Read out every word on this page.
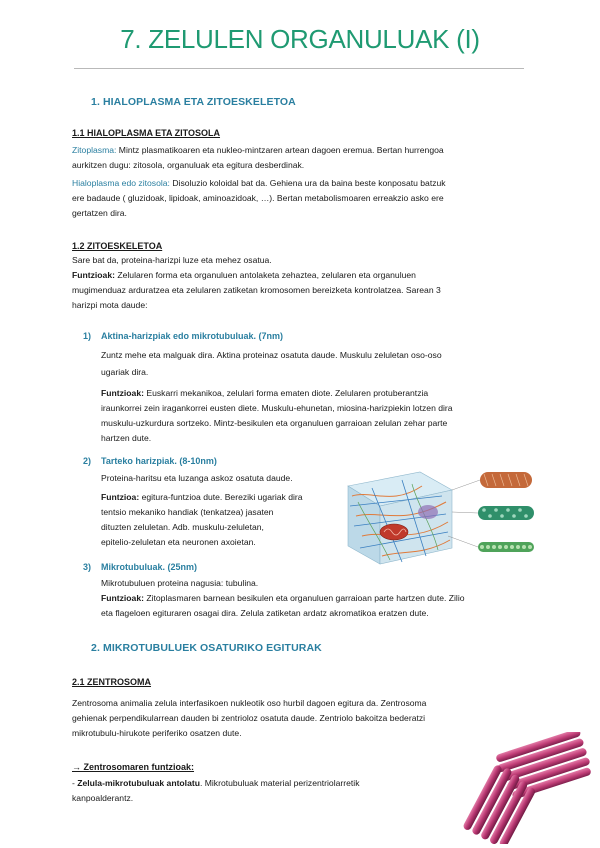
7. ZELULEN ORGANULUAK (I)
1. HIALOPLASMA ETA ZITOESKELETOA
1.1 HIALOPLASMA ETA ZITOSOLA
Zitoplasma: Mintz plasmatikoaren eta nukleo-mintzaren artean dagoen eremua. Bertan hurrengoa
aurkitzen dugu: zitosola, organuluak eta egitura desberdinak.
Hialoplasma edo zitosola: Disoluzio koloidal bat da. Gehiena ura da baina beste konposatu batzuk
ere badaude ( gluzidoak, lipidoak, aminoazidoak, …). Bertan metabolismoaren erreakzio asko ere
gertatzen dira.
1.2 ZITOESKELETOA
Sare bat da, proteina-harizpi luze eta mehez osatua.
Funtzioak: Zelularen forma eta organuluen antolaketa zehaztea, zelularen eta organuluen
mugimenduaz arduratzea eta zelularen zatiketan kromosomen bereizketa kontrolatzea. Sarean 3
harizpi mota daude:
1) Aktina-harizpiak edo mikrotubuluak. (7nm)
Zuntz mehe eta malguak dira. Aktina proteinaz osatuta daude. Muskulu zeluletan oso-oso
ugariak dira.
Funtzioak: Euskarri mekanikoa, zelulari forma ematen diote. Zelularen protuberantzia
iraunkorrei zein iragankorrei eusten diete. Muskulu-ehunetan, miosina-harizpiekin lotzen dira
muskulu-uzkurdura sortzeko. Mintz-besikulen eta organuluen garraioan zelulan zehar parte
hartzen dute.
2) Tarteko harizpiak. (8-10nm)
Proteina-haritsu eta luzanga askoz osatuta daude.
Funtzioa: egitura-funtzioa dute. Bereziki ugariak dira
tentsio mekaniko handiak (tenkatzea) jasaten
dituzten zeluletan. Adb. muskulu-zeluletan,
epitelio-zeluletan eta neuronen axoietan.
3) Mikrotubuluak. (25nm)
Mikrotubuluen proteina nagusia: tubulina.
Funtzioak: Zitoplasmaren barnean besikulen eta organuluen garraioan parte hartzen dute. Zilio
eta flageloen egituraren osagai dira. Zelula zatiketan ardatz akromatikoa eratzen dute.
2. MIKROTUBULUEK OSATURIKO EGITURAK
2.1 ZENTROSOMA
Zentrosoma animalia zelula interfasikoen nukleotik oso hurbil dagoen egitura da. Zentrosoma
gehienak perpendikularrean dauden bi zentrioloz osatuta daude. Zentriolo bakoitza bederatzi
mikrotubulu-hirukote periferiko osatzen dute.
→ Zentrosomaren funtzioak:
- Zelula-mikrotubuluak antolatu. Mikrotubuluak material perizentriolarretik
kanpoalderantz.
